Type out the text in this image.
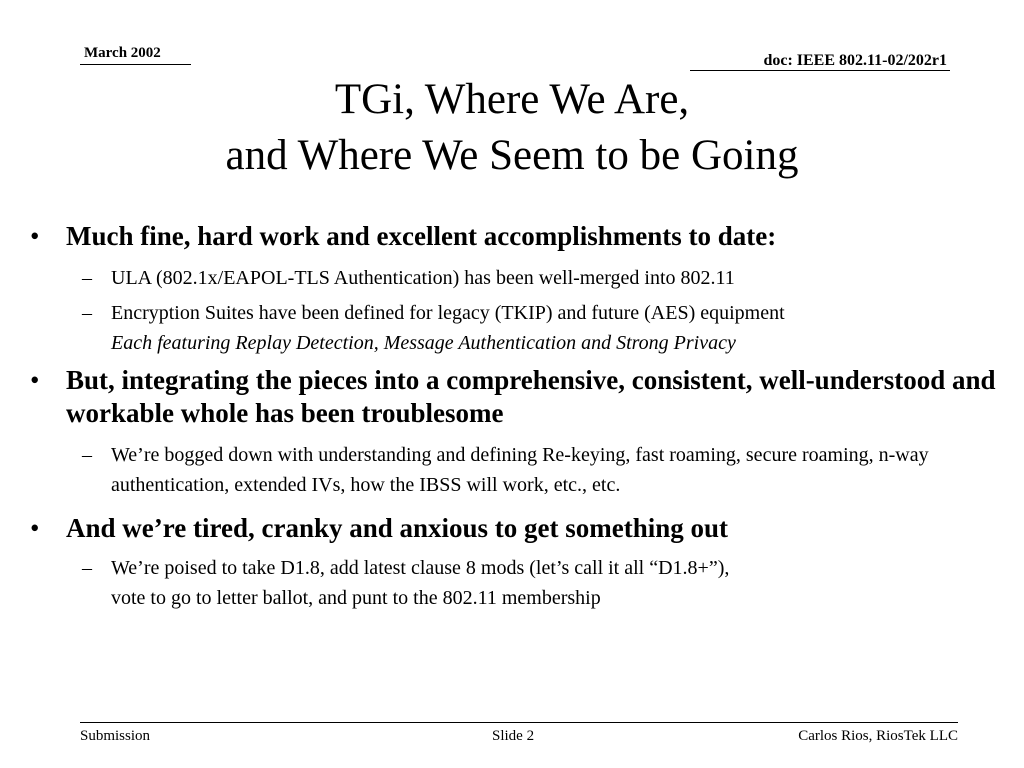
March 2002	doc: IEEE 802.11-02/202r1
TGi, Where We Are,
and Where We Seem to be Going
• Much fine, hard work and excellent accomplishments to date:
– ULA (802.1x/EAPOL-TLS Authentication) has been well-merged into 802.11
– Encryption Suites have been defined for legacy (TKIP) and future (AES) equipment
Each featuring Replay Detection, Message Authentication and Strong Privacy
• But, integrating the pieces into a comprehensive, consistent, well-understood and workable whole has been troublesome
– We’re bogged down with understanding and defining Re-keying, fast roaming, secure roaming, n-way authentication, extended IVs, how the IBSS will work, etc., etc.
• And we’re tired, cranky and anxious to get something out
– We’re poised to take D1.8, add latest clause 8 mods (let’s call it all “D1.8+”),
vote to go to letter ballot, and punt to the 802.11 membership
Submission	Slide 2	Carlos Rios, RiosTek LLC
